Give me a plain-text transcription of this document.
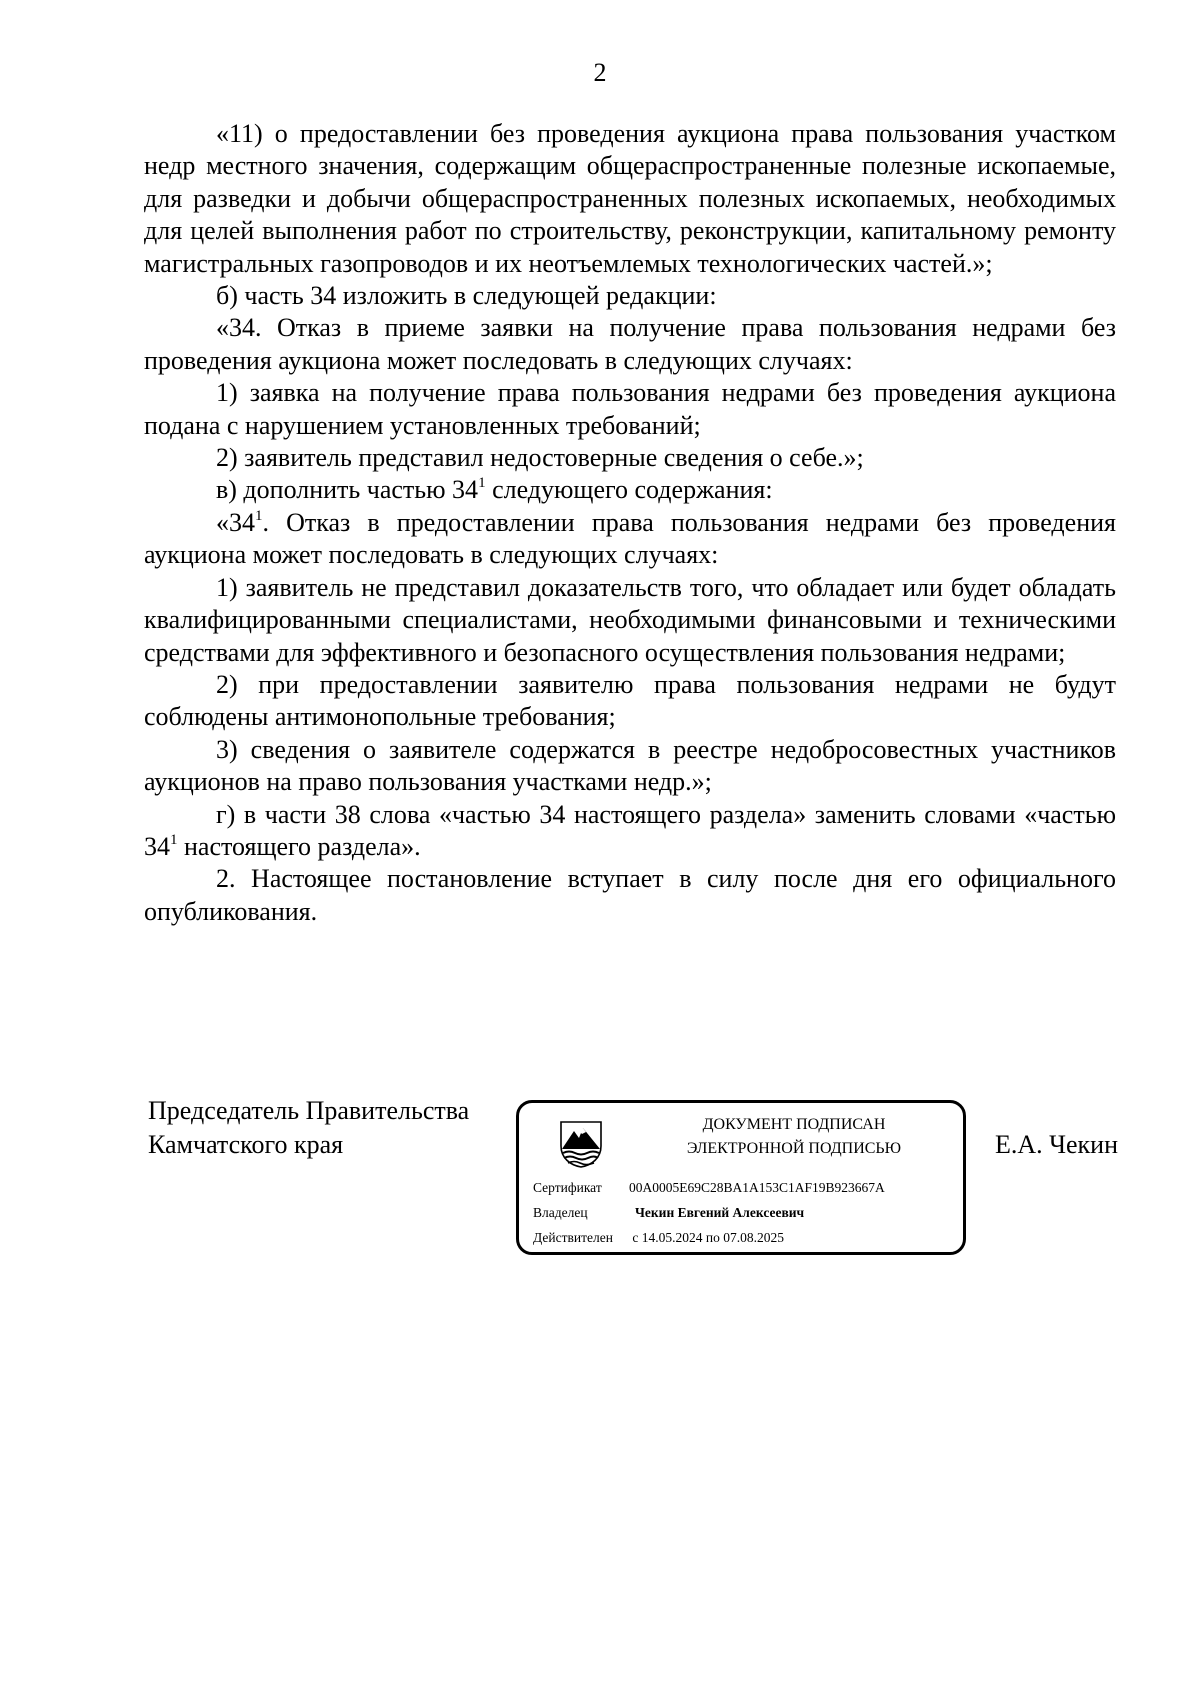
2

«11) о предоставлении без проведения аукциона права пользования участком недр местного значения, содержащим общераспространенные полезные ископаемые, для разведки и добычи общераспространенных полезных ископаемых, необходимых для целей выполнения работ по строительству, реконструкции, капитальному ремонту магистральных газопроводов и их неотъемлемых технологических частей.»;

б) часть 34 изложить в следующей редакции:

«34. Отказ в приеме заявки на получение права пользования недрами без проведения аукциона может последовать в следующих случаях:

1) заявка на получение права пользования недрами без проведения аукциона подана с нарушением установленных требований;

2) заявитель представил недостоверные сведения о себе.»;

в) дополнить частью $34^1$ следующего содержания:

«$34^1$. Отказ в предоставлении права пользования недрами без проведения аукциона может последовать в следующих случаях:

1) заявитель не представил доказательств того, что обладает или будет обладать квалифицированными специалистами, необходимыми финансовыми и техническими средствами для эффективного и безопасного осуществления пользования недрами;

2) при предоставлении заявителю права пользования недрами не будут соблюдены антимонопольные требования;

3) сведения о заявителе содержатся в реестре недобросовестных участников аукционов на право пользования участками недр.»;

г) в части 38 слова «частью 34 настоящего раздела» заменить словами «частью $34^1$ настоящего раздела».

2. Настоящее постановление вступает в силу после дня его официального опубликования.

Председатель Правительства
Камчатского края
ДОКУМЕНТ ПОДПИСАН
ЭЛЕКТРОННОЙ ПОДПИСЬЮ
Сертификат 00A0005E69C28BA1A153C1AF19B923667A
Владелец	Чекин Евгений Алексеевич
Действителен с 14.05.2024 по 07.08.2025
Е.А. Чекин
